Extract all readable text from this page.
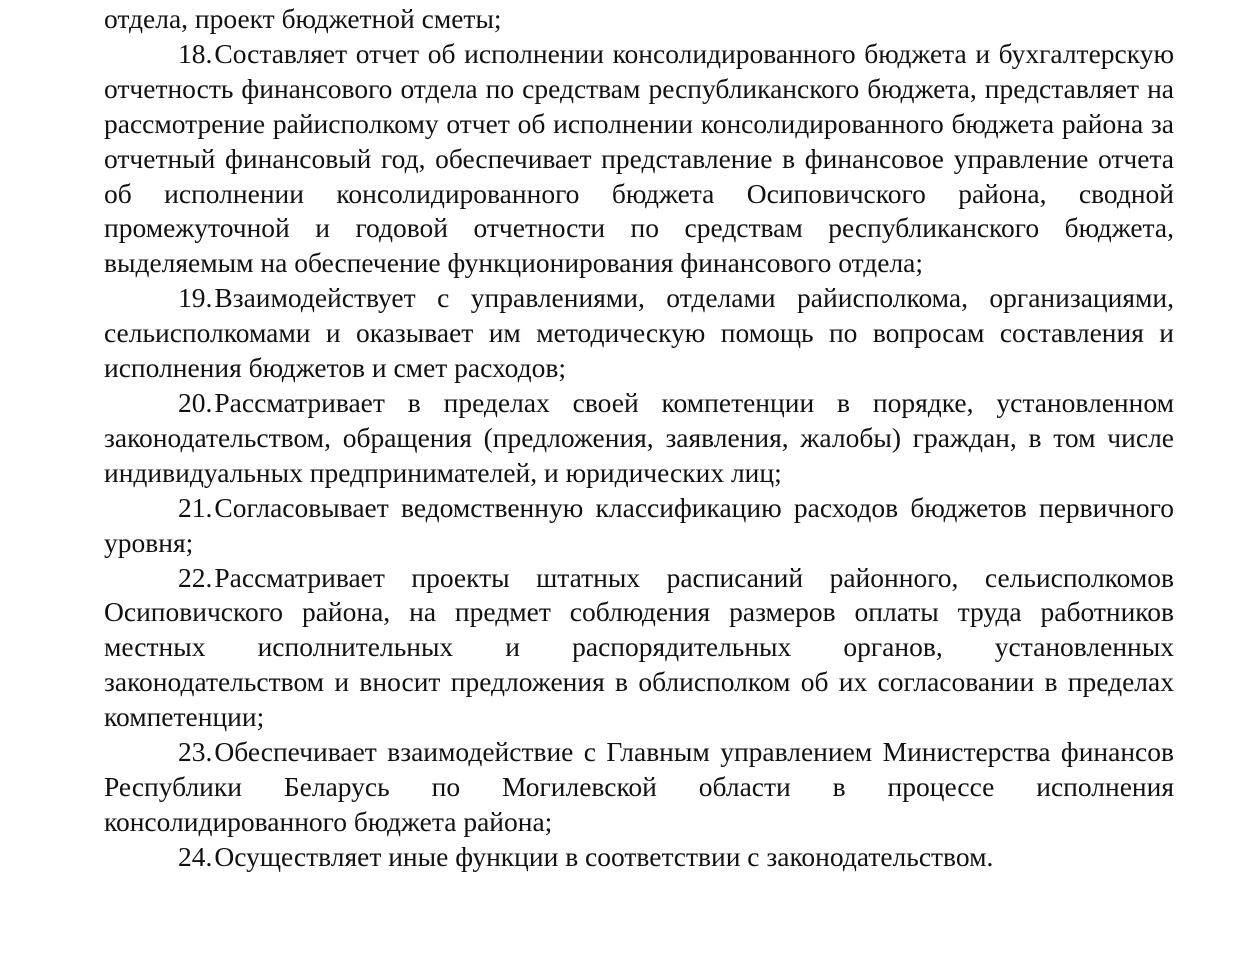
отдела, проект бюджетной сметы;

18.Составляет отчет об исполнении консолидированного бюджета и бухгалтерскую отчетность финансового отдела по средствам республиканского бюджета, представляет на рассмотрение райисполкому отчет об исполнении консолидированного бюджета района за отчетный финансовый год, обеспечивает представление в финансовое управление отчета об исполнении консолидированного бюджета Осиповичского района, сводной промежуточной и годовой отчетности по средствам республиканского бюджета, выделяемым на обеспечение функционирования финансового отдела;

19.Взаимодействует с управлениями, отделами райисполкома, организациями, сельисполкомами и оказывает им методическую помощь по вопросам составления и исполнения бюджетов и смет расходов;

20.Рассматривает в пределах своей компетенции в порядке, установленном законодательством, обращения (предложения, заявления, жалобы) граждан, в том числе индивидуальных предпринимателей, и юридических лиц;

21.Согласовывает ведомственную классификацию расходов бюджетов первичного уровня;

22.Рассматривает проекты штатных расписаний районного, сельисполкомов Осиповичского района, на предмет соблюдения размеров оплаты труда работников местных исполнительных и распорядительных органов, установленных законодательством и вносит предложения в облисполком об их согласовании в пределах компетенции;

23.Обеспечивает взаимодействие с Главным управлением Министерства финансов Республики Беларусь по Могилевской области в процессе исполнения консолидированного бюджета района;

24.Осуществляет иные функции в соответствии с законодательством.
